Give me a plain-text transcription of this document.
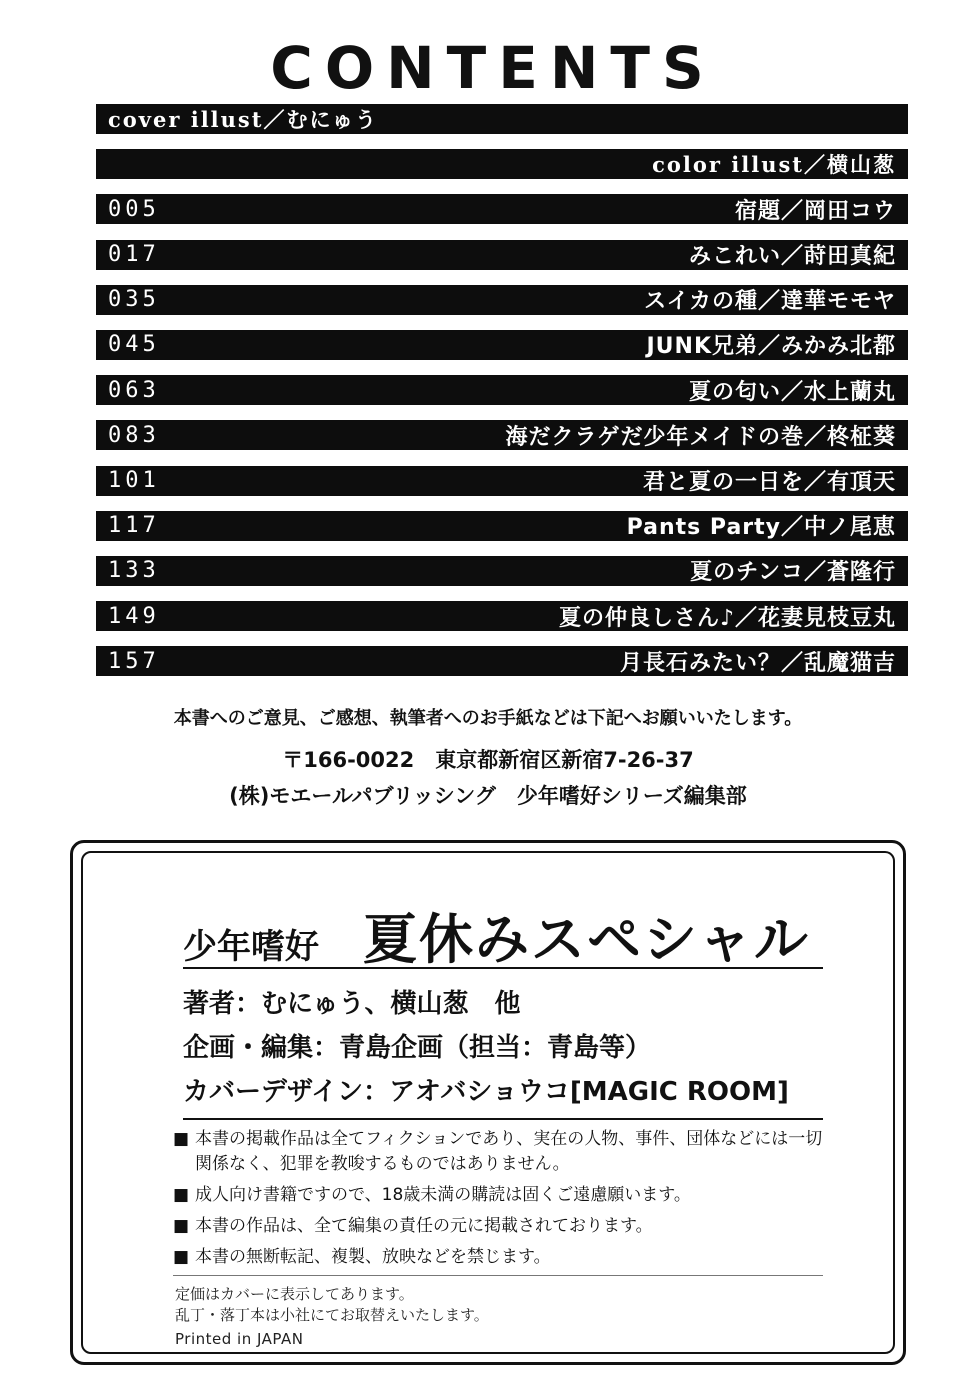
CONTENTS
cover illust／むにゅう
color illust／横山葱
005	宿題／岡田コウ
017	みこれい／莳田真紀
035	スイカの種／達華モモヤ
045	JUNK兄弟／みかみ北都
063	夏の匂い／水上蘭丸
083	海だクラゲだ少年メイドの巻／柊柾葵
101	君と夏の一日を／有頂天
117	Pants Party／中ノ尾恵
133	夏のチンコ／蒼隆行
149	夏の仲良しさん♪／花妻見枝豆丸
157	月長石みたい？／乱魔猫吉
本書へのご意見、ご感想、執筆者へのお手紙などは下記へお願いいたします。
〒166-0022　東京都新宿区新宿7-26-37
(株)モエールパブリッシング　少年嗜好シリーズ編集部
少年嗜好 夏休みスペシャル
著者：むにゅう、横山葱　他
企画・編集：青島企画（担当：青島等）
カバーデザイン：アオバショウコ[MAGIC ROOM]
■ 本書の掲載作品は全てフィクションであり、実在の人物、事件、団体などには一切関係なく、犯罪を教唆するものではありません。
■ 成人向け書籍ですので、18歳未満の購読は固くご遠慮願います。
■ 本書の作品は、全て編集の責任の元に掲載されております。
■ 本書の無断転記、複製、放映などを禁じます。
定価はカバーに表示してあります。
乱丁・落丁本は小社にてお取替えいたします。
Printed in JAPAN
